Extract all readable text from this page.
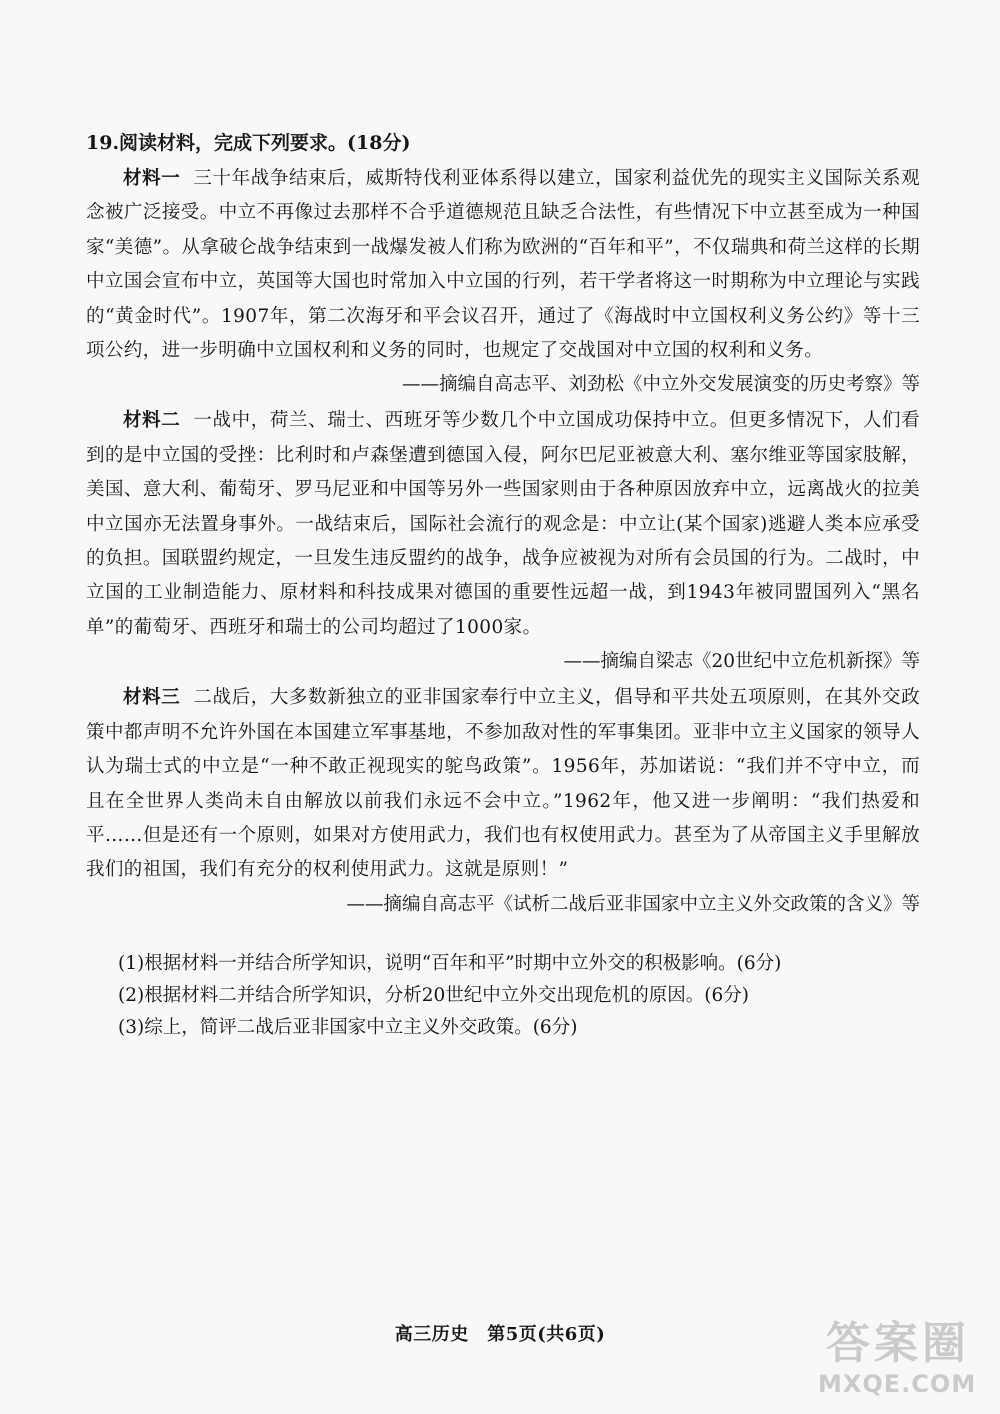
19.阅读材料，完成下列要求。(18分)

材料一 三十年战争结束后，威斯特伐利亚体系得以建立，国家利益优先的现实主义国际关系观念被广泛接受。中立不再像过去那样不合乎道德规范且缺乏合法性，有些情况下中立甚至成为一种国家“美德”。从拿破仑战争结束到一战爆发被人们称为欧洲的“百年和平”，不仅瑞典和荷兰这样的长期中立国会宣布中立，英国等大国也时常加入中立国的行列，若干学者将这一时期称为中立理论与实践的“黄金时代”。1907年，第二次海牙和平会议召开，通过了《海战时中立国权利义务公约》等十三项公约，进一步明确中立国权利和义务的同时，也规定了交战国对中立国的权利和义务。

——摘编自高志平、刘劲松《中立外交发展演变的历史考察》等

材料二 一战中，荷兰、瑞士、西班牙等少数几个中立国成功保持中立。但更多情况下，人们看到的是中立国的受挫：比利时和卢森堡遭到德国入侵，阿尔巴尼亚被意大利、塞尔维亚等国家肢解，美国、意大利、葡萄牙、罗马尼亚和中国等另外一些国家则由于各种原因放弃中立，远离战火的拉美中立国亦无法置身事外。一战结束后，国际社会流行的观念是：中立让(某个国家)逃避人类本应承受的负担。国联盟约规定，一旦发生违反盟约的战争，战争应被视为对所有会员国的行为。二战时，中立国的工业制造能力、原材料和科技成果对德国的重要性远超一战，到1943年被同盟国列入“黑名单”的葡萄牙、西班牙和瑞士的公司均超过了1000家。

——摘编自梁志《20世纪中立危机新探》等

材料三 二战后，大多数新独立的亚非国家奉行中立主义，倡导和平共处五项原则，在其外交政策中都声明不允许外国在本国建立军事基地，不参加敌对性的军事集团。亚非中立主义国家的领导人认为瑞士式的中立是“一种不敢正视现实的鸵鸟政策”。1956年，苏加诺说：“我们并不守中立，而且在全世界人类尚未自由解放以前我们永远不会中立。”1962年，他又进一步阐明：“我们热爱和平……但是还有一个原则，如果对方使用武力，我们也有权使用武力。甚至为了从帝国主义手里解放我们的祖国，我们有充分的权利使用武力。这就是原则！”

——摘编自高志平《试析二战后亚非国家中立主义外交政策的含义》等

(1)根据材料一并结合所学知识，说明“百年和平”时期中立外交的积极影响。(6分)

(2)根据材料二并结合所学知识，分析20世纪中立外交出现危机的原因。(6分)

(3)综上，简评二战后亚非国家中立主义外交政策。(6分)

高三历史　第5页(共6页)	答案圈
MXQE.COM
